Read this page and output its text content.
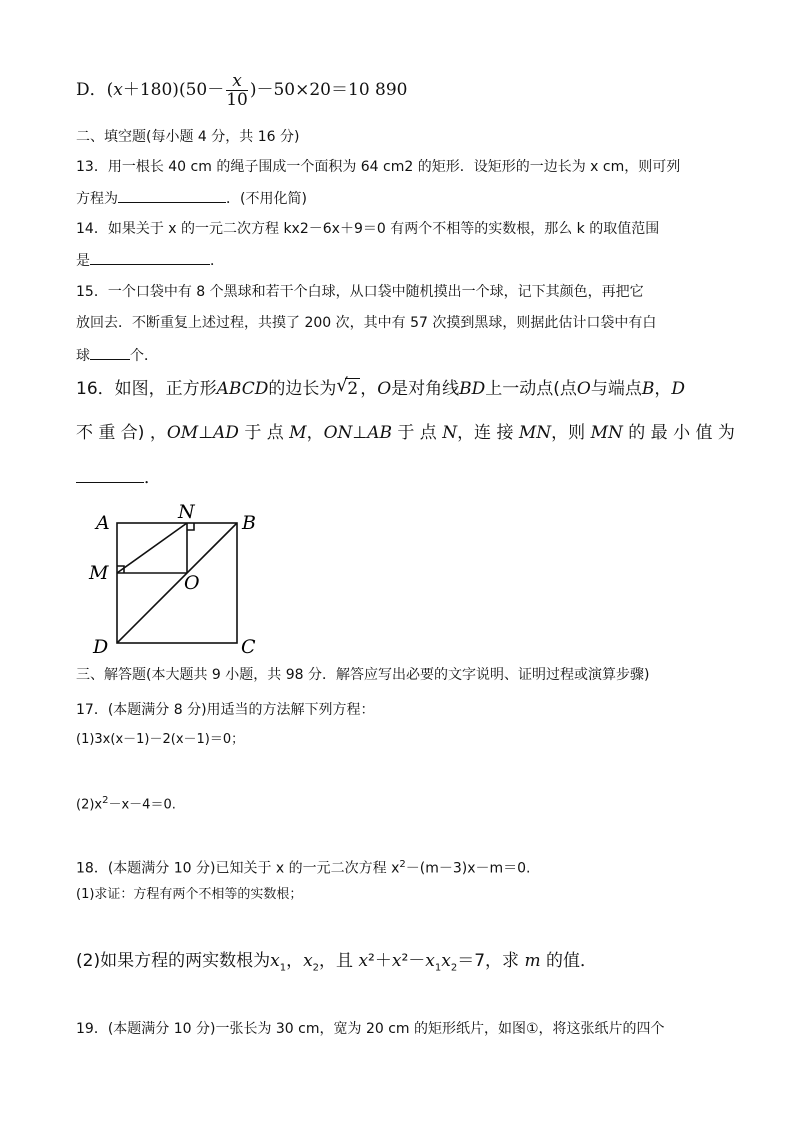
D．$(x+180)(50- \frac{x}{10} )-50\times 20=10$ 890
二、填空题(每小题 4 分，共 16 分)
13．用一根长 40 cm 的绳子围成一个面积为 64 cm2 的矩形．设矩形的一边长为 x cm，则可列
方程为	．(不用化简)
14．如果关于 x 的一元二次方程 kx2－6x＋9＝0 有两个不相等的实数根，那么 k 的取值范围
是	．
15．一个口袋中有 8 个黑球和若干个白球，从口袋中随机摸出一个球，记下其颜色，再把它
放回去．不断重复上述过程，共摸了 200 次，其中有 57 次摸到黑球，则据此估计口袋中有白
球	个．
16．如图，正方形ABCD的边长为 √ 2 ，O是对角线BD上一动点(点O与端点B，D
不 重 合) ，OM⊥AD 于 点 M，ON⊥AB 于 点 N，连 接 MN，则 MN 的 最 小 值 为
．
A	B
C
D
M
N
O
三、解答题(本大题共 9 小题，共 98 分．解答应写出必要的文字说明、证明过程或演算步骤)
17．(本题满分 8 分)用适当的方法解下列方程：
(1)3x(x－1)－2(x－1)＝0；
$(2)x^2-x-4=0$.
18．(本题满分 10 分)已知关于 x 的一元二次方程 $x^2-(m-3)x-m=0$.
(1)求证：方程有两个不相等的实数根；
(2)如果方程的两实数根为$x_1$，$x_2$，且 $x^2+x^2-x_1x_2=7$，求 m 的值．
19．(本题满分 10 分)一张长为 30 cm，宽为 20 cm 的矩形纸片，如图①，将这张纸片的四个
